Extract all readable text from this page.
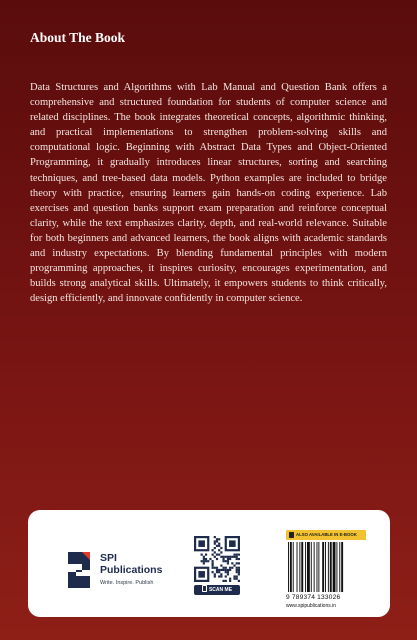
About The Book

Data Structures and Algorithms with Lab Manual and Question Bank offers a comprehensive and structured foundation for students of computer science and related disciplines. The book integrates theoretical concepts, algorithmic thinking, and practical implementations to strengthen problem-solving skills and computational logic. Beginning with Abstract Data Types and Object-Oriented Programming, it gradually introduces linear structures, sorting and searching techniques, and tree-based data models. Python examples are included to bridge theory with practice, ensuring learners gain hands-on coding experience. Lab exercises and question banks support exam preparation and reinforce conceptual clarity, while the text emphasizes clarity, depth, and real-world relevance. Suitable for both beginners and advanced learners, the book aligns with academic standards and industry expectations. By blending fundamental principles with modern programming approaches, it inspires curiosity, encourages experimentation, and builds strong analytical skills. Ultimately, it empowers students to think critically, design efficiently, and innovate confidently in computer science.

SPI
Publications
Write. Inspire. Publish
SCAN ME
ALSO AVAILABLE IN E-BOOK
9 789374 133026
www.spipublications.in
